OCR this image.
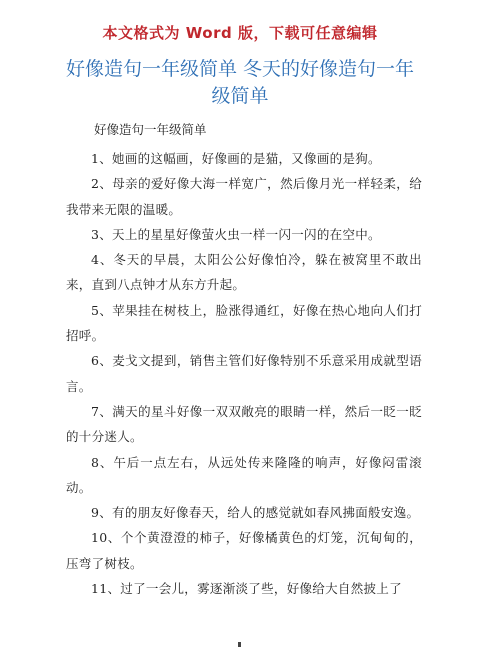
本文格式为 Word 版，下载可任意编辑
好像造句一年级简单 冬天的好像造句一年
级简单
好像造句一年级简单

1、她画的这幅画，好像画的是猫，又像画的是狗。

2、母亲的爱好像大海一样宽广，然后像月光一样轻柔，给我带来无限的温暖。

3、天上的星星好像萤火虫一样一闪一闪的在空中。

4、冬天的早晨，太阳公公好像怕冷，躲在被窝里不敢出来，直到八点钟才从东方升起。

5、苹果挂在树枝上，脸涨得通红，好像在热心地向人们打招呼。

6、麦戈文提到，销售主管们好像特别不乐意采用成就型语言。

7、满天的星斗好像一双双敞亮的眼睛一样，然后一眨一眨的十分迷人。

8、午后一点左右，从远处传来隆隆的响声，好像闷雷滚动。

9、有的朋友好像春天，给人的感觉就如春风拂面般安逸。

10、个个黄澄澄的柿子，好像橘黄色的灯笼，沉甸甸的，压弯了树枝。

11、过了一会儿，雾逐渐淡了些，好像给大自然披上了
